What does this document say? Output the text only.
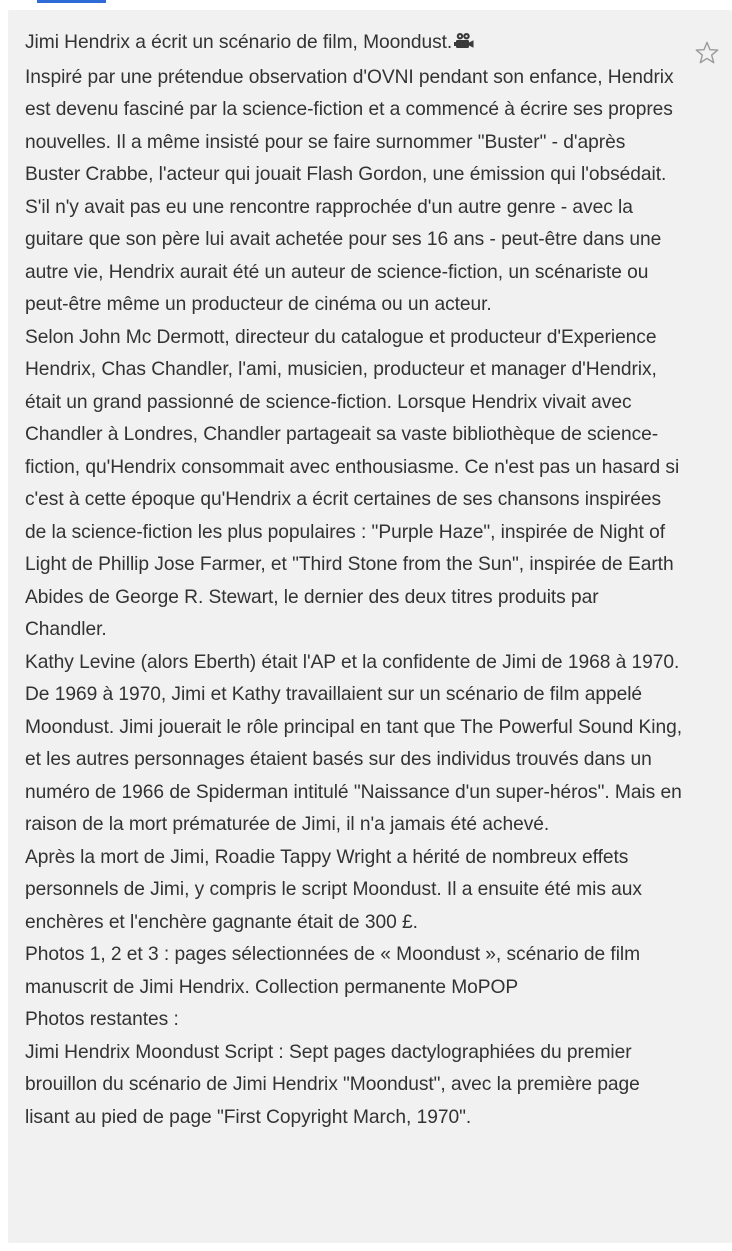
Jimi Hendrix a écrit un scénario de film, Moondust.

Inspiré par une prétendue observation d'OVNI pendant son enfance, Hendrix est devenu fasciné par la science-fiction et a commencé à écrire ses propres nouvelles. Il a même insisté pour se faire surnommer "Buster" - d'après Buster Crabbe, l'acteur qui jouait Flash Gordon, une émission qui l'obsédait. S'il n'y avait pas eu une rencontre rapprochée d'un autre genre - avec la guitare que son père lui avait achetée pour ses 16 ans - peut-être dans une autre vie, Hendrix aurait été un auteur de science-fiction, un scénariste ou peut-être même un producteur de cinéma ou un acteur.

Selon John Mc Dermott, directeur du catalogue et producteur d'Experience Hendrix, Chas Chandler, l'ami, musicien, producteur et manager d'Hendrix, était un grand passionné de science-fiction. Lorsque Hendrix vivait avec Chandler à Londres, Chandler partageait sa vaste bibliothèque de science-fiction, qu'Hendrix consommait avec enthousiasme. Ce n'est pas un hasard si c'est à cette époque qu'Hendrix a écrit certaines de ses chansons inspirées de la science-fiction les plus populaires : "Purple Haze", inspirée de Night of Light de Phillip Jose Farmer, et "Third Stone from the Sun", inspirée de Earth Abides de George R. Stewart, le dernier des deux titres produits par Chandler.

Kathy Levine (alors Eberth) était l'AP et la confidente de Jimi de 1968 à 1970. De 1969 à 1970, Jimi et Kathy travaillaient sur un scénario de film appelé Moondust. Jimi jouerait le rôle principal en tant que The Powerful Sound King, et les autres personnages étaient basés sur des individus trouvés dans un numéro de 1966 de Spiderman intitulé "Naissance d'un super-héros". Mais en raison de la mort prématurée de Jimi, il n'a jamais été achevé.

Après la mort de Jimi, Roadie Tappy Wright a hérité de nombreux effets personnels de Jimi, y compris le script Moondust. Il a ensuite été mis aux enchères et l'enchère gagnante était de 300 £.

Photos 1, 2 et 3 : pages sélectionnées de « Moondust », scénario de film manuscrit de Jimi Hendrix. Collection permanente MoPOP

Photos restantes :

Jimi Hendrix Moondust Script : Sept pages dactylographiées du premier brouillon du scénario de Jimi Hendrix "Moondust", avec la première page lisant au pied de page "First Copyright March, 1970".
